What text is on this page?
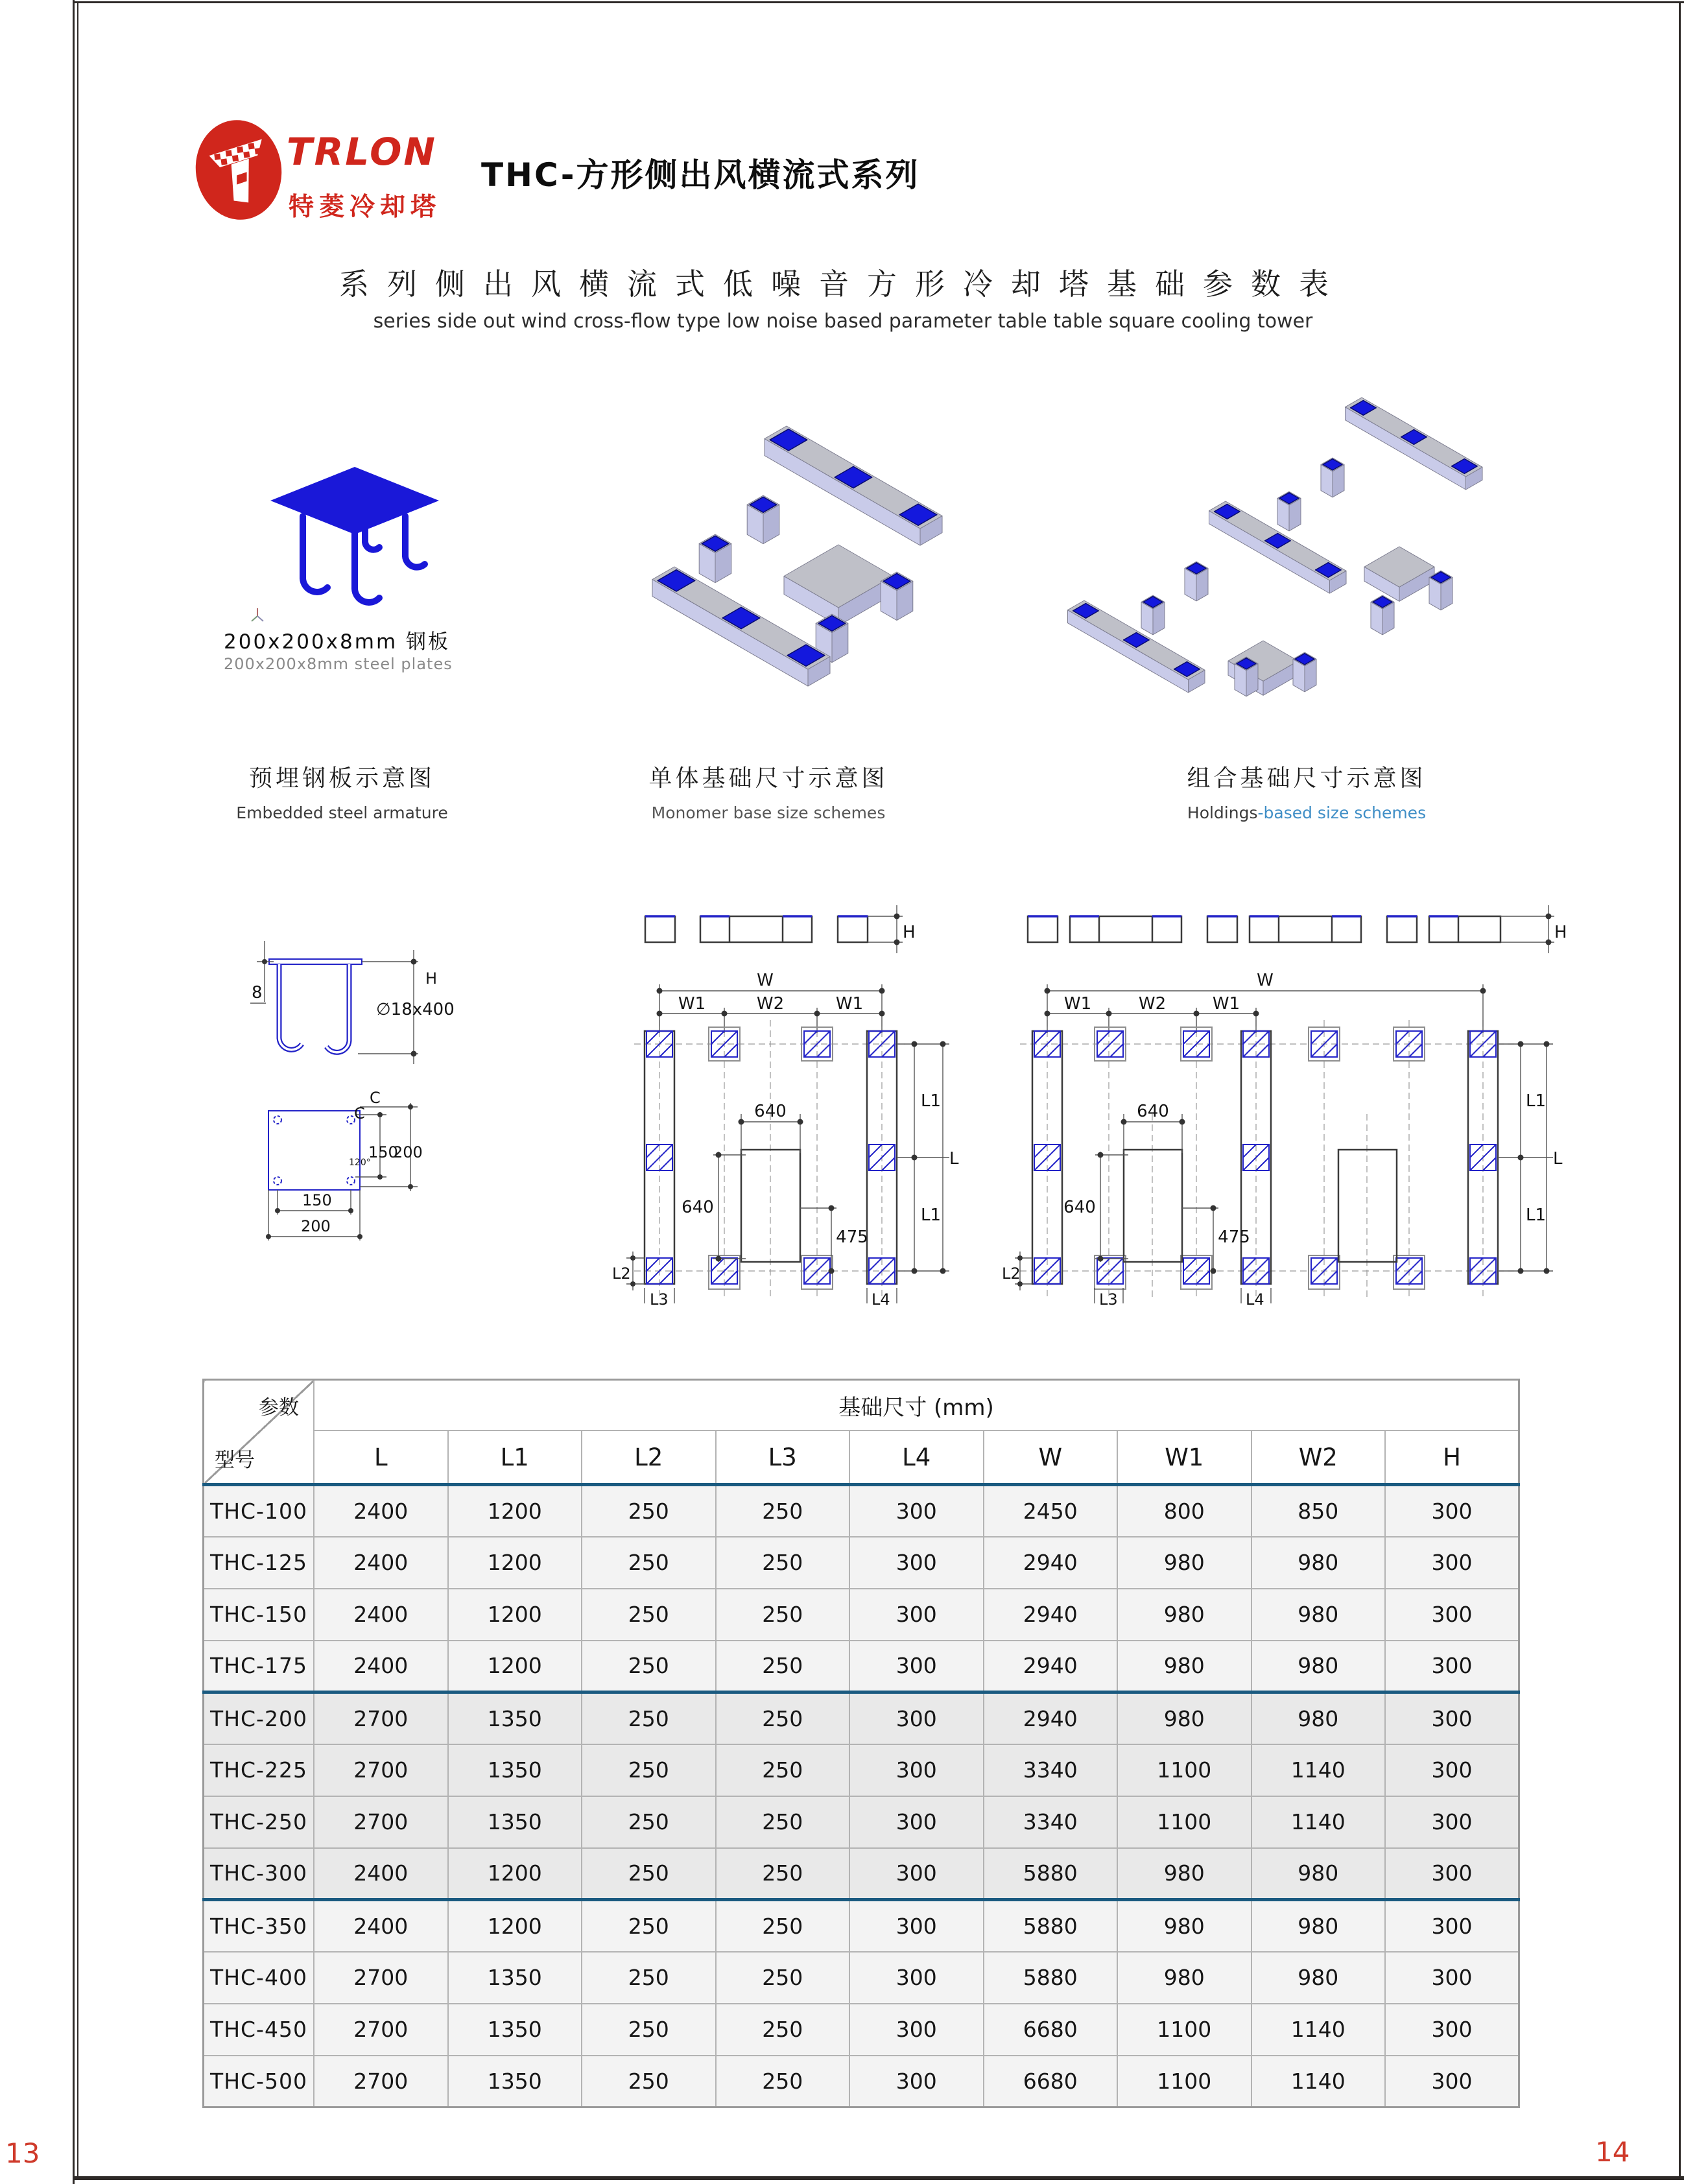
TRLON
特菱冷却塔
THC-方形侧出风横流式系列
系列侧出风横流式低噪音方形冷却塔基础参数表
series side out wind cross-flow type low noise based parameter table table square cooling tower
200x200x8mm 钢板
200x200x8mm steel plates
预埋钢板示意图
Embedded steel armature
单体基础尺寸示意图
Monomer base size schemes
组合基础尺寸示意图
Holdings-based size schemes
8
H
∅18x400
C
C
150
200
120°
150
200
H
W
W1	W2	W1
640
640
475
L1
L1
L
L2
L3	L4
H
W
W1	W2	W1
640
640
475
L1
L1
L
L2
L3	L4
参数
型号	基础尺寸 (mm)								
	L	L1	L2	L3	L4	W	W1	W2	H
THC-100	2400	1200	250	250	300	2450	800	850	300
THC-125	2400	1200	250	250	300	2940	980	980	300
THC-150	2400	1200	250	250	300	2940	980	980	300
THC-175	2400	1200	250	250	300	2940	980	980	300
THC-200	2700	1350	250	250	300	2940	980	980	300
THC-225	2700	1350	250	250	300	3340	1100	1140	300
THC-250	2700	1350	250	250	300	3340	1100	1140	300
THC-300	2400	1200	250	250	300	5880	980	980	300
THC-350	2400	1200	250	250	300	5880	980	980	300
THC-400	2700	1350	250	250	300	5880	980	980	300
THC-450	2700	1350	250	250	300	6680	1100	1140	300
THC-500	2700	1350	250	250	300	6680	1100	1140	300
13	14
